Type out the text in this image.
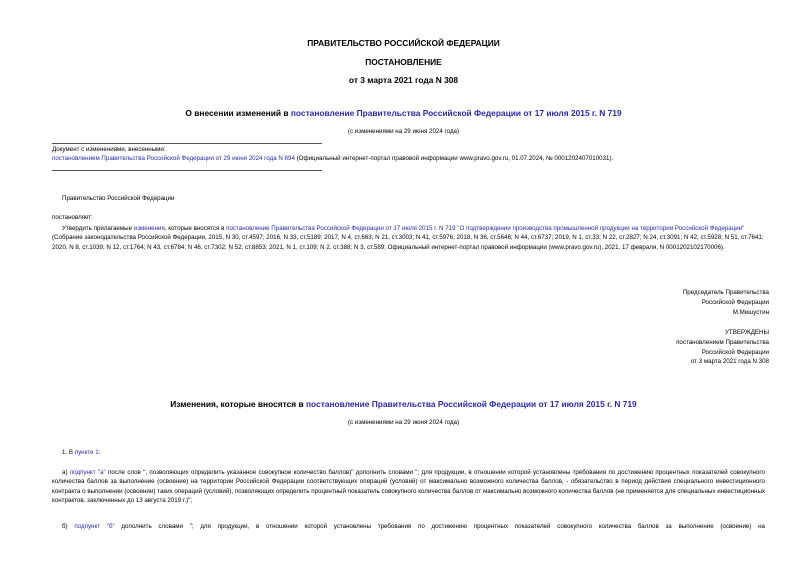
ПРАВИТЕЛЬСТВО РОССИЙСКОЙ ФЕДЕРАЦИИ
ПОСТАНОВЛЕНИЕ
от 3 марта 2021 года N 308
О внесении изменений в постановление Правительства Российской Федерации от 17 июля 2015 г. N 719
(с изменениями на 29 июня 2024 года)
Документ с изменениями, внесенными:
постановлением Правительства Российской Федерации от 29 июня 2024 года N 894 (Официальный интернет-портал правовой информации www.pravo.gov.ru, 01.07.2024, № 0001202407010031).
Правительство Российской Федерации
постановляет:
Утвердить прилагаемые изменения, которые вносятся в постановление Правительства Российской Федерации от 17 июля 2015 г. N 719 "О подтверждении производства промышленной продукции на территории Российской Федерации" (Собрание законодательства Российской Федерации, 2015, N 30, ст.4597; 2016, N 33, ст.5189; 2017, N 4, ст.663; N 21, ст.3003; N 41, ст.5976; 2018, N 36, ст.5646; N 44, ст.6737; 2019, N 1, ст.33; N 22, ст.2827; N 24, ст.3091; N 42, ст.5928; N 51, ст.7641; 2020, N 8, ст.1039; N 12, ст.1764; N 43, ст.6784; N 46, ст.7302; N 52, ст.8853; 2021, N 1, ст.109; N 2, ст.388; N 3, ст.589; Официальный интернет-портал правовой информации (www.pravo.gov.ru), 2021, 17 февраля, N 0001202102170006).
Председатель Правительства
Российской Федерации
М.Мишустин
УТВЕРЖДЕНЫ
постановлением Правительства
Российской Федерации
от 3 марта 2021 года N 308
Изменения, которые вносятся в постановление Правительства Российской Федерации от 17 июля 2015 г. N 719
(с изменениями на 29 июня 2024 года)
1. В пункте 1:
а) подпункт "а" после слов ", позволяющих определить указанное совокупное количество баллов)" дополнить словами "; для продукции, в отношении которой установлены требования по достижению процентных показателей совокупного количества баллов за выполнение (освоение) на территории Российской Федерации соответствующих операций (условий) от максимально возможного количества баллов, - обязательство в период действия специального инвестиционного контракта о выполнении (освоении) таких операций (условий), позволяющих определить процентный показатель совокупного количества баллов от максимально возможного количества баллов (не применяется для специальных инвестиционных контрактов, заключенных до 13 августа 2019 г.)";
б) подпункт "б" дополнить словами "; для продукции, в отношении которой установлены требования по достижению процентных показателей совокупного количества баллов за выполнение (освоение) на
